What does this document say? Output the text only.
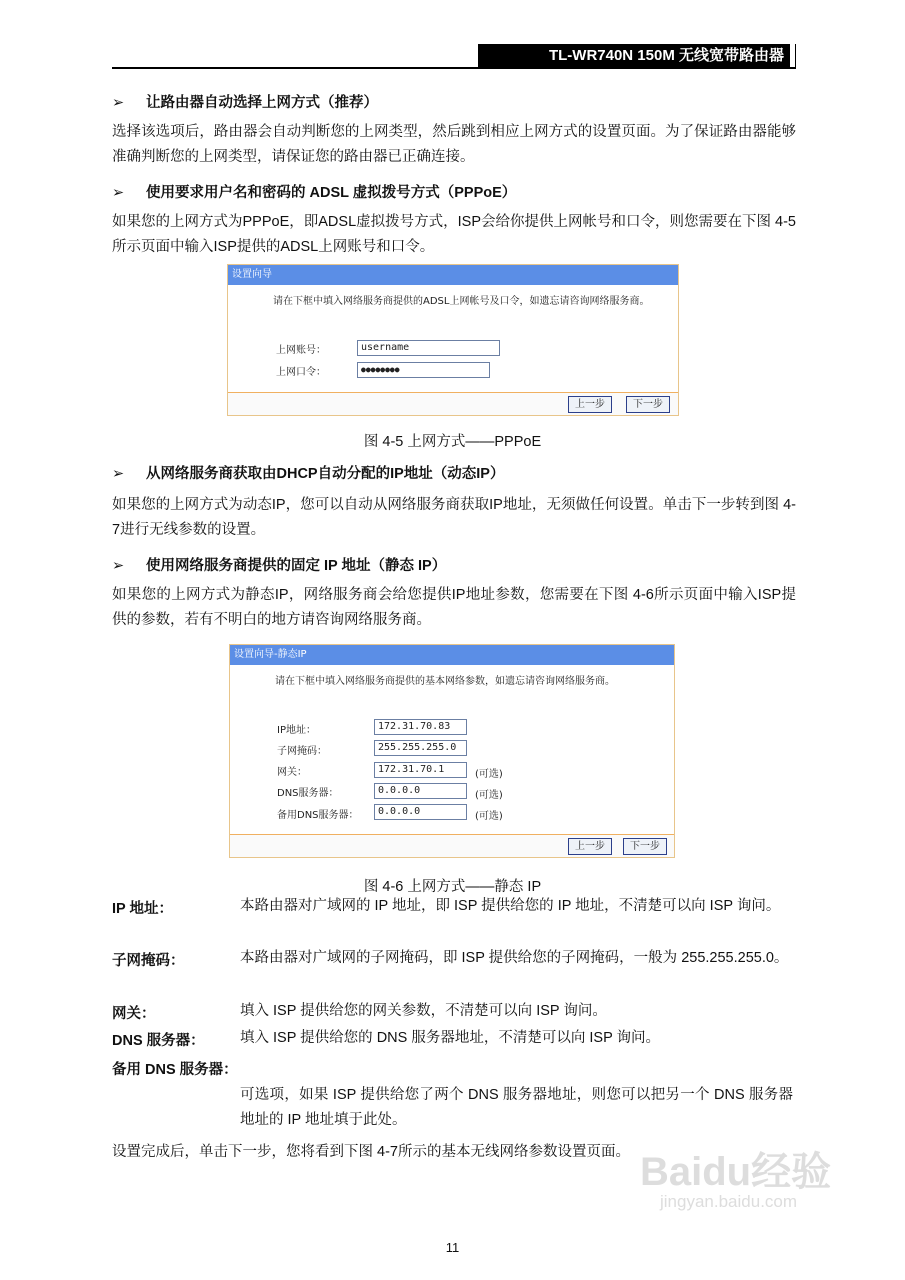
TL-WR740N 150M 无线宽带路由器
➢ 让路由器自动选择上网方式（推荐）
选择该选项后，路由器会自动判断您的上网类型，然后跳到相应上网方式的设置页面。为了保证路由器能够准确判断您的上网类型，请保证您的路由器已正确连接。
➢ 使用要求用户名和密码的 ADSL 虚拟拨号方式（PPPoE）
如果您的上网方式为PPPoE，即ADSL虚拟拨号方式，ISP会给你提供上网帐号和口令，则您需要在下图 4-5所示页面中输入ISP提供的ADSL上网账号和口令。
设置向导
请在下框中填入网络服务商提供的ADSL上网帐号及口令，如遗忘请咨询网络服务商。
上网账号：	username
上网口令：	●●●●●●●●
上一步	下一步
图 4-5 上网方式——PPPoE
➢ 从网络服务商获取由DHCP自动分配的IP地址（动态IP）
如果您的上网方式为动态IP，您可以自动从网络服务商获取IP地址，无须做任何设置。单击下一步转到图 4-7进行无线参数的设置。
➢ 使用网络服务商提供的固定 IP 地址（静态 IP）
如果您的上网方式为静态IP，网络服务商会给您提供IP地址参数，您需要在下图 4-6所示页面中输入ISP提供的参数，若有不明白的地方请咨询网络服务商。
设置向导-静态IP
请在下框中填入网络服务商提供的基本网络参数，如遗忘请咨询网络服务商。
IP地址：	172.31.70.83
子网掩码：	255.255.255.0
网关：	172.31.70.1	(可选)
DNS服务器：	0.0.0.0	(可选)
备用DNS服务器：	0.0.0.0	(可选)
上一步	下一步
图 4-6 上网方式——静态 IP
IP 地址：	本路由器对广域网的 IP 地址，即 ISP 提供给您的 IP 地址，不清楚可以向 ISP 询问。
子网掩码：	本路由器对广域网的子网掩码，即 ISP 提供给您的子网掩码，一般为 255.255.255.0。
网关：	填入 ISP 提供给您的网关参数，不清楚可以向 ISP 询问。
DNS 服务器： 填入 ISP 提供给您的 DNS 服务器地址，不清楚可以向 ISP 询问。
备用 DNS 服务器：
可选项，如果 ISP 提供给您了两个 DNS 服务器地址，则您可以把另一个 DNS 服务器地址的 IP 地址填于此处。
设置完成后，单击下一步，您将看到下图 4-7所示的基本无线网络参数设置页面。 Baidu经验
jingyan.baidu.com
11
